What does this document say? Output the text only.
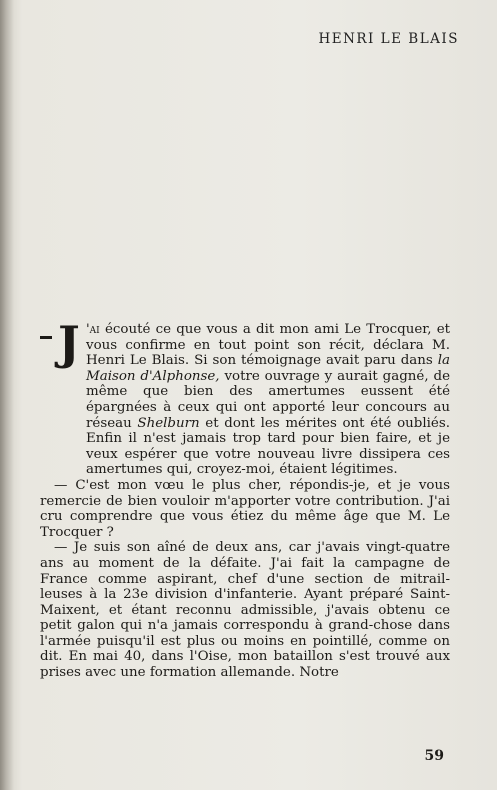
HENRI LE BLAIS

J 'ai écouté ce que vous a dit mon ami Le Trocquer, et vous confirme en tout point son récit, déclara M. Henri Le Blais. Si son témoignage avait paru dans la Maison d'Alphonse, votre ouvrage y aurait gagné, de même que bien des amertumes eussent été épargnées à ceux qui ont apporté leur concours au réseau Shelburn et dont les mérites ont été oubliés. Enfin il n'est jamais trop tard pour bien faire, et je veux espérer que votre nouveau livre dissipera ces amertumes qui, croyez-moi, étaient légitimes.

— C'est mon vœu le plus cher, répondis-je, et je vous remercie de bien vouloir m'apporter votre contribution. J'ai cru comprendre que vous étiez du même âge que M. Le Trocquer ?

— Je suis son aîné de deux ans, car j'avais vingt-quatre ans au moment de la défaite. J'ai fait la campagne de France comme aspirant, chef d'une section de mitrail-leuses à la 23e division d'infanterie. Ayant préparé Saint-Maixent, et étant reconnu admissible, j'avais obtenu ce petit galon qui n'a jamais correspondu à grand-chose dans l'armée puisqu'il est plus ou moins en pointillé, comme on dit. En mai 40, dans l'Oise, mon bataillon s'est trouvé aux prises avec une formation allemande. Notre

59
